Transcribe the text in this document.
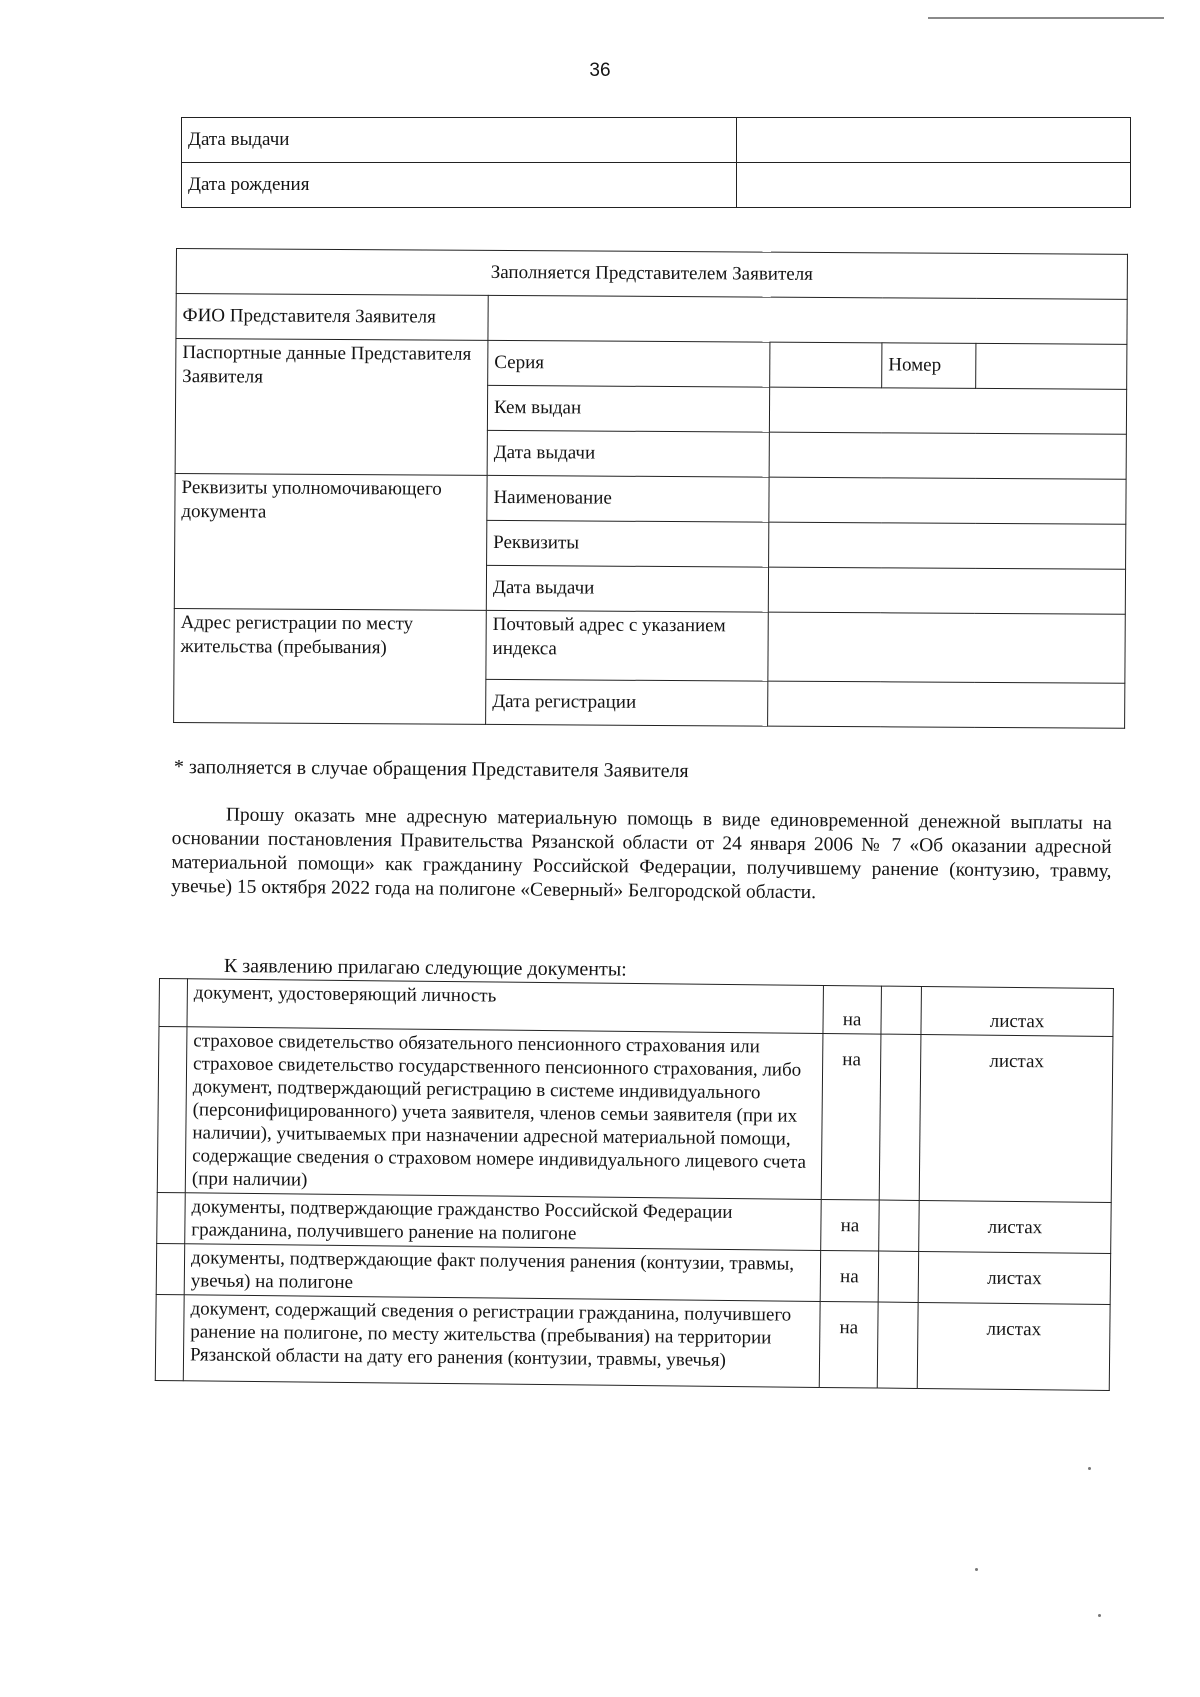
36
Дата выдачи	
Дата рождения	
Заполняется Представителем Заявителя				
ФИО Представителя Заявителя				
Паспортные данные Представителя Заявителя	Серия		Номер	
	Кем выдан			
	Дата выдачи			
Реквизиты уполномочивающего документа	Наименование			
	Реквизиты			
	Дата выдачи			
Адрес регистрации по месту жительства (пребывания)	Почтовый адрес с указанием индекса			
	Дата регистрации			
* заполняется в случае обращения Представителя Заявителя

Прошу оказать мне адресную материальную помощь в виде единовременной денежной выплаты на основании постановления Правительства Рязанской области от 24 января 2006 № 7 «Об оказании адресной материальной помощи» как гражданину Российской Федерации, получившему ранение (контузию, травму, увечье) 15 октября 2022 года на полигоне «Северный» Белгородской области.

К заявлению прилагаю следующие документы:
	документ, удостоверяющий личность	на		листах
	страховое свидетельство обязательного пенсионного страхования или страховое свидетельство государственного пенсионного страхования, либо документ, подтверждающий регистрацию в системе индивидуального (персонифицированного) учета заявителя, членов семьи заявителя (при их наличии), учитываемых при назначении адресной материальной помощи, содержащие сведения о страховом номере индивидуального лицевого счета (при наличии)	на		листах
	документы, подтверждающие гражданство Российской Федерации гражданина, получившего ранение на полигоне	на		листах
	документы, подтверждающие факт получения ранения (контузии, травмы, увечья) на полигоне	на		листах
	документ, содержащий сведения о регистрации гражданина, получившего ранение на полигоне, по месту жительства (пребывания) на территории Рязанской области на дату его ранения (контузии, травмы, увечья)	на		листах
